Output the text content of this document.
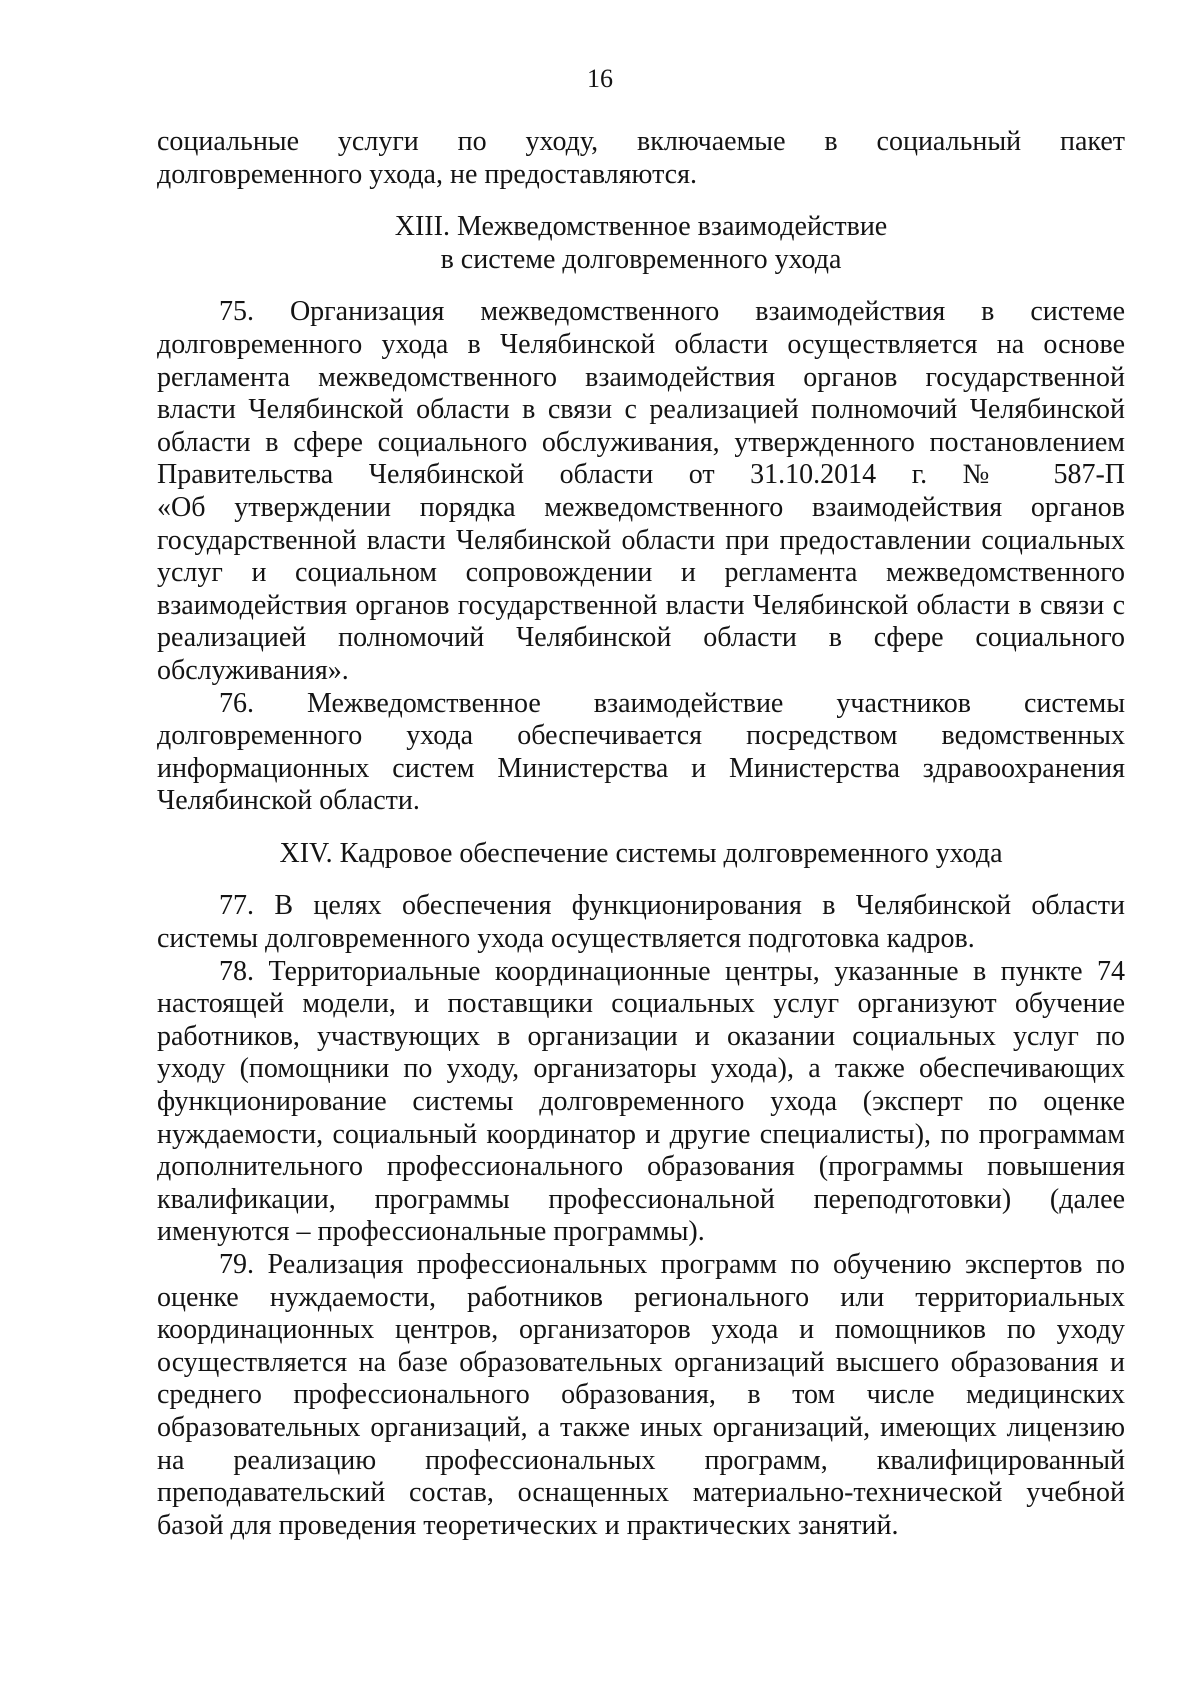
16
социальные услуги по уходу, включаемые в социальный пакет
долговременного ухода, не предоставляются.
XIII. Межведомственное взаимодействие
в системе долговременного ухода
75. Организация межведомственного взаимодействия в системе
долговременного ухода в Челябинской области осуществляется на основе
регламента межведомственного взаимодействия органов государственной
власти Челябинской области в связи с реализацией полномочий Челябинской
области в сфере социального обслуживания, утвержденного постановлением
Правительства Челябинской области от 31.10.2014 г. № 587-П
«Об утверждении порядка межведомственного взаимодействия органов
государственной власти Челябинской области при предоставлении социальных
услуг и социальном сопровождении и регламента межведомственного
взаимодействия органов государственной власти Челябинской области в связи с
реализацией полномочий Челябинской области в сфере социального
обслуживания».
76. Межведомственное взаимодействие участников системы
долговременного ухода обеспечивается посредством ведомственных
информационных систем Министерства и Министерства здравоохранения
Челябинской области.
XIV. Кадровое обеспечение системы долговременного ухода
77. В целях обеспечения функционирования в Челябинской области
системы долговременного ухода осуществляется подготовка кадров.
78. Территориальные координационные центры, указанные в пункте 74
настоящей модели, и поставщики социальных услуг организуют обучение
работников, участвующих в организации и оказании социальных услуг по
уходу (помощники по уходу, организаторы ухода), а также обеспечивающих
функционирование системы долговременного ухода (эксперт по оценке
нуждаемости, социальный координатор и другие специалисты), по программам
дополнительного профессионального образования (программы повышения
квалификации, программы профессиональной переподготовки) (далее
именуются – профессиональные программы).
79. Реализация профессиональных программ по обучению экспертов по
оценке нуждаемости, работников регионального или территориальных
координационных центров, организаторов ухода и помощников по уходу
осуществляется на базе образовательных организаций высшего образования и
среднего профессионального образования, в том числе медицинских
образовательных организаций, а также иных организаций, имеющих лицензию
на реализацию профессиональных программ, квалифицированный
преподавательский состав, оснащенных материально-технической учебной
базой для проведения теоретических и практических занятий.
